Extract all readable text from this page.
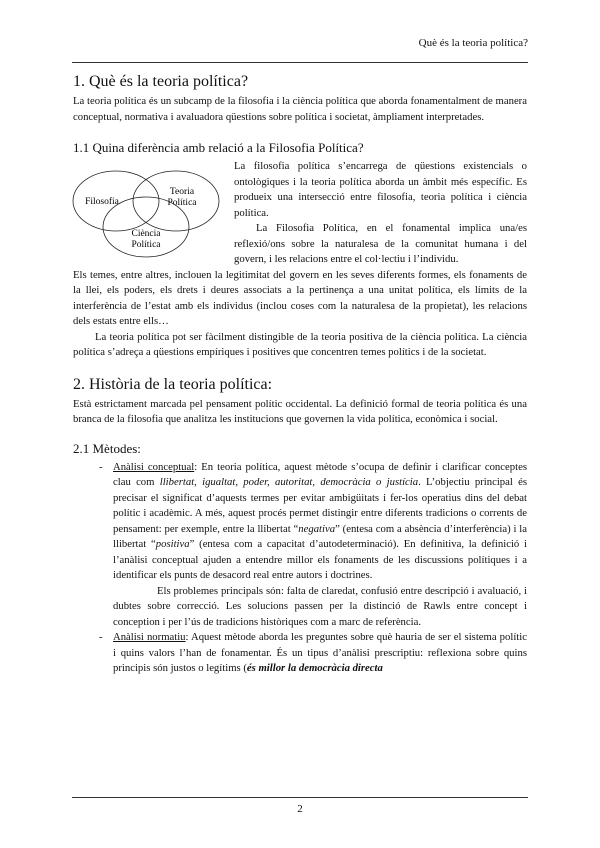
Què és la teoria política?
1. Què és la teoria política?

La teoria política és un subcamp de la filosofia i la ciència política que aborda fonamentalment de manera conceptual, normativa i avaluadora qüestions sobre política i societat, àmpliament interpretades.

1.1 Quina diferència amb relació a la Filosofia Política?
Filosofia
Teoria
Política
Ciència
Política

La filosofia política s’encarrega de qüestions existencials o ontològiques i la teoria política aborda un àmbit més específic. Es produeix una intersecció entre filosofia, teoria política i ciència política.

La Filosofia Política, en el fonamental implica una/es reflexió/ons sobre la naturalesa de la comunitat humana i del govern, i les relacions entre el col·lectiu i l’individu.

Els temes, entre altres, inclouen la legitimitat del govern en les seves diferents formes, els fonaments de la llei, els poders, els drets i deures associats a la pertinença a una unitat política, els límits de la interferència de l’estat amb els individus (inclou coses com la naturalesa de la propietat), les relacions dels estats entre ells…

La teoria política pot ser fàcilment distingible de la teoria positiva de la ciència política. La ciència política s’adreça a qüestions empíriques i positives que concentren temes polítics i de la societat.

2. Història de la teoria política:

Està estrictament marcada pel pensament polític occidental. La definició formal de teoria política és una branca de la filosofia que analitza les institucions que governen la vida política, econòmica i social.

2.1 Mètodes:
- Anàlisi conceptual: En teoria política, aquest mètode s’ocupa de definir i clarificar conceptes clau com llibertat, igualtat, poder, autoritat, democràcia o justícia. L’objectiu principal és precisar el significat d’aquests termes per evitar ambigüitats i fer-los operatius dins del debat polític i acadèmic. A més, aquest procés permet distingir entre diferents tradicions o corrents de pensament: per exemple, entre la llibertat “negativa” (entesa com a absència d’interferència) i la llibertat “positiva” (entesa com a capacitat d’autodeterminació). En definitiva, la definició i l’anàlisi conceptual ajuden a entendre millor els fonaments de les discussions polítiques i a identificar els punts de desacord real entre autors i doctrines.

Els problemes principals són: falta de claredat, confusió entre descripció i avaluació, i dubtes sobre correcció. Les solucions passen per la distinció de Rawls entre concept i conception i per l’ús de tradicions històriques com a marc de referència.

- Anàlisi normatiu: Aquest mètode aborda les preguntes sobre què hauria de ser el sistema polític i quins valors l’han de fonamentar. És un tipus d’anàlisi prescriptiu: reflexiona sobre quins principis són justos o legítims (és millor la democràcia directa
2
